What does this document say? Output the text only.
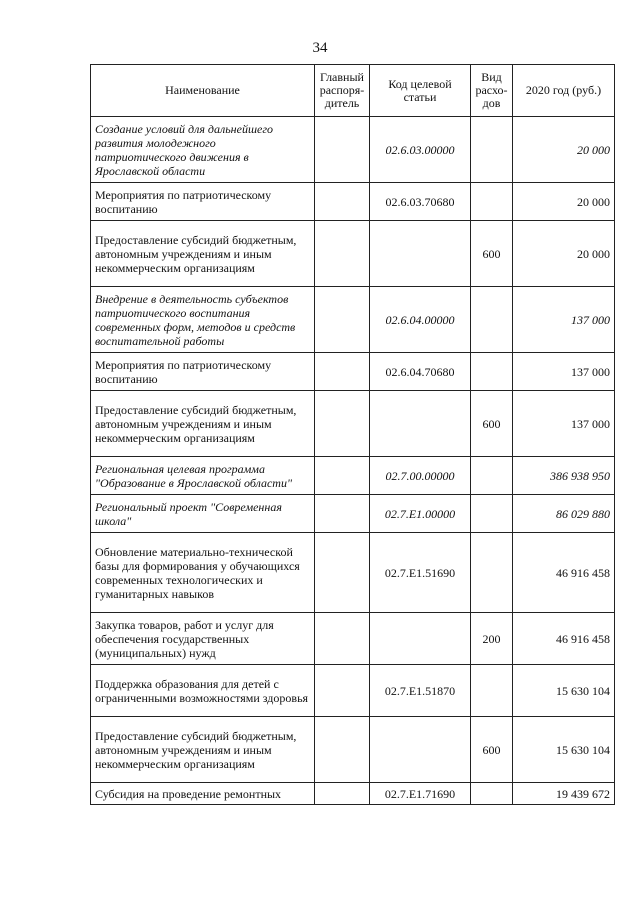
34
Наименование	Главный распоря-дитель	Код целевой статьи	Вид расхо-дов	2020 год (руб.)
Создание условий для дальнейшего развития молодежного патриотического движения в Ярославской области		02.6.03.00000		20 000
Мероприятия по патриотическому воспитанию		02.6.03.70680		20 000
Предоставление субсидий бюджетным, автономным учреждениям и иным некоммерческим организациям			600	20 000
Внедрение в деятельность субъектов патриотического воспитания современных форм, методов и средств воспитательной работы		02.6.04.00000		137 000
Мероприятия по патриотическому воспитанию		02.6.04.70680		137 000
Предоставление субсидий бюджетным, автономным учреждениям и иным некоммерческим организациям			600	137 000
Региональная целевая программа "Образование в Ярославской области"		02.7.00.00000		386 938 950
Региональный проект "Современная школа"		02.7.E1.00000		86 029 880
Обновление материально-технической базы для формирования у обучающихся современных технологических и гуманитарных навыков		02.7.E1.51690		46 916 458
Закупка товаров, работ и услуг для обеспечения государственных (муниципальных) нужд			200	46 916 458
Поддержка образования для детей с ограниченными возможностями здоровья		02.7.E1.51870		15 630 104
Предоставление субсидий бюджетным, автономным учреждениям и иным некоммерческим организациям			600	15 630 104
Субсидия на проведение ремонтных		02.7.E1.71690		19 439 672
